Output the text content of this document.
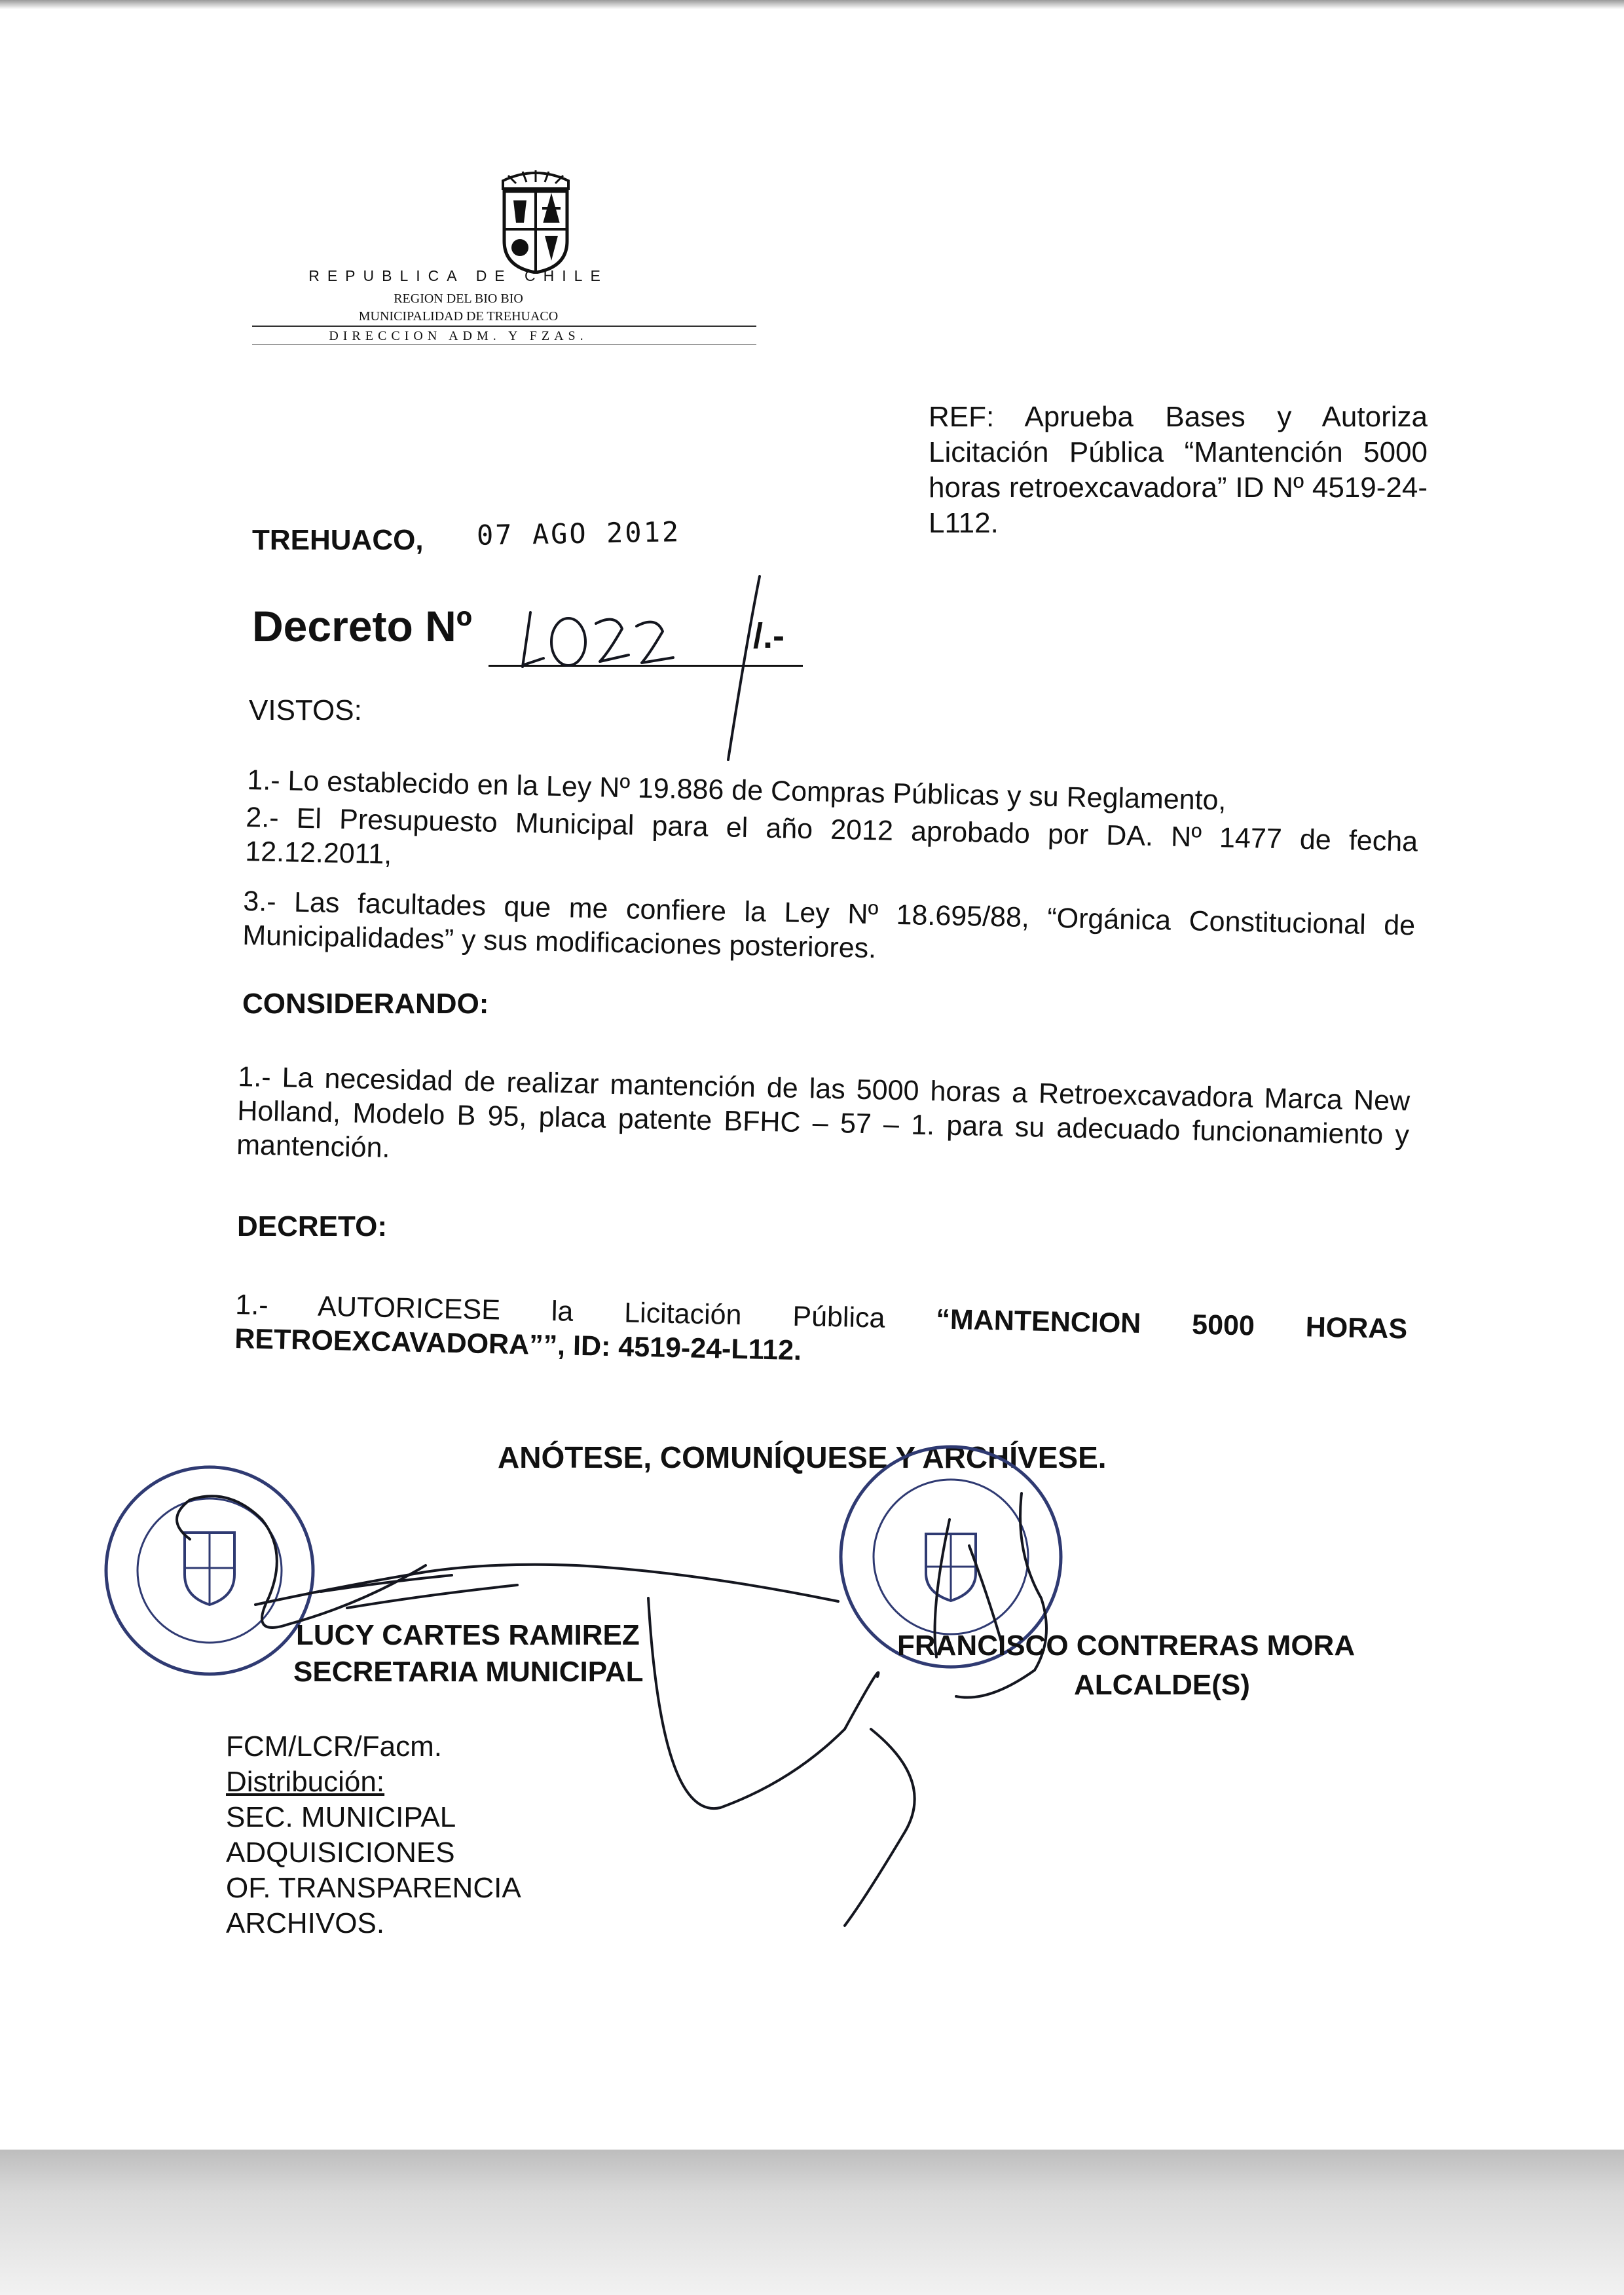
REPUBLICA DE CHILE
REGION DEL BIO BIO
MUNICIPALIDAD DE TREHUACO
DIRECCION ADM. Y FZAS.
REF: Aprueba Bases y Autoriza Licitación Pública “Mantención 5000 horas retroexcavadora” ID Nº 4519-24-L112.
TREHUACO, 07 AGO 2012
Decreto Nº	/.-
VISTOS:
1.- Lo establecido en la Ley Nº 19.886 de Compras Públicas y su Reglamento,
2.- El Presupuesto Municipal para el año 2012 aprobado por DA. Nº 1477 de fecha 12.12.2011,
3.- Las facultades que me confiere la Ley Nº 18.695/88, “Orgánica Constitucional de Municipalidades” y sus modificaciones posteriores.
CONSIDERANDO:
1.- La necesidad de realizar mantención de las 5000 horas a Retroexcavadora Marca New Holland, Modelo B 95, placa patente BFHC – 57 – 1. para su adecuado funcionamiento y mantención.
DECRETO:
1.- AUTORICESE la Licitación Pública “MANTENCION 5000 HORAS RETROEXCAVADORA””, ID: 4519-24-L112.
ANÓTESE, COMUNÍQUESE Y ARCHÍVESE.
LUCY CARTES RAMIREZ
SECRETARIA MUNICIPAL
FRANCISCO CONTRERAS MORA
ALCALDE(S)
FCM/LCR/Facm.
Distribución:
SEC. MUNICIPAL
ADQUISICIONES
OF. TRANSPARENCIA
ARCHIVOS.
